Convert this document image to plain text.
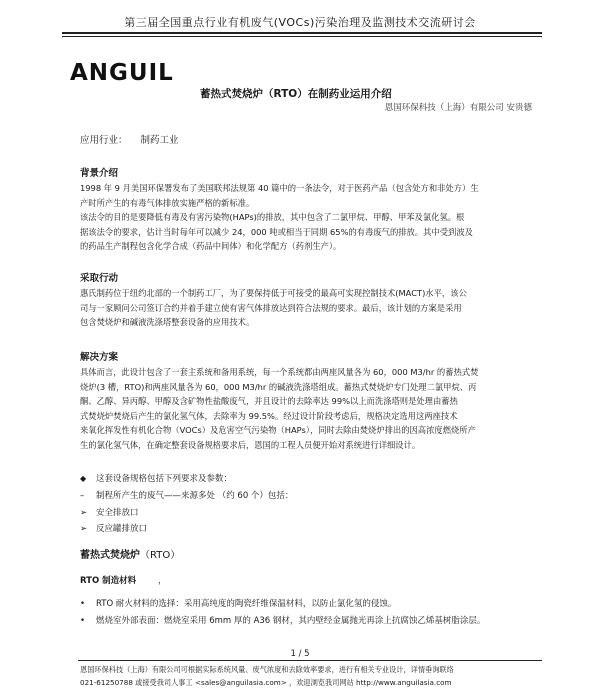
第三届全国重点行业有机废气(VOCs)污染治理及监测技术交流研讨会
ANGUIL
蓄热式焚烧炉（RTO）在制药业运用介绍
恩国环保科技（上海）有限公司 安贵德
应用行业： 制药工业
背景介绍
1998 年 9 月美国环保署发布了美国联邦法规第 40 篇中的一条法令，对于医药产品（包含处方和非处方）生
产时所产生的有毒气体排放实施严格的新标准。
该法令的目的是要降低有毒及有害污染物(HAPs)的排放，其中包含了二氯甲烷、甲醇、甲苯及氯化氢。根
据该法令的要求，估计当时每年可以减少 24，000 吨或相当于同期 65%的有毒废气的排放。其中受到波及
的药品生产制程包含化学合成（药品中间体）和化学配方（药剂生产）。
采取行动
惠氏制药位于纽约北部的一个制药工厂，为了要保持低于可接受的最高可实现控制技术(MACT)水平，该公
司与一家顾问公司签订合约并着手建立使有害气体排放达到符合法规的要求。最后，该计划的方案是采用
包含焚烧炉和碱液洗涤塔整套设备的应用技术。
解决方案
具体而言，此设计包含了一套主系统和备用系统，每一个系统都由两座风量各为 60，000 M3/hr 的蓄热式焚
烧炉(3 槽，RTO)和两座风量各为 60，000 M3/hr 的碱液洗涤塔组成。蓄热式焚烧炉专门处理二氯甲烷、丙
酮、乙醇、异丙醇、甲醇及含矿物性盐酸废气，并且设计的去除率达 99%以上而洗涤塔则是处理由蓄热
式焚烧炉焚烧后产生的氯化氢气体，去除率为 99.5%。经过设计阶段考虑后，规格决定选用这两座技术
来氧化挥发性有机化合物（VOCs）及危害空气污染物（HAPs），同时去除由焚烧炉排出的因高浓度燃烧所产
生的氯化氢气体，在确定整套设备规格要求后，恩国的工程人员便开始对系统进行详细设计。
◆ 这套设备规格包括下列要求及参数：
– 制程所产生的废气——来源多处 （约 60 个）包括：
➢ 安全排放口
➢ 反应罐排放口
蓄热式焚烧炉（RTO）
RTO 制造材料	，
• RTO 耐火材料的选择：采用高纯度的陶瓷纤维保温材料，以防止氯化氢的侵蚀。
• 燃烧室外部表面：燃烧室采用 6mm 厚的 A36 钢材，其内壁经金属抛光再涂上抗腐蚀乙烯基树脂涂层。
1 / 5
恩国环保科技（上海）有限公司可根据实际系统风量、废气浓度和去除效率要求，进行有相关专业设计，详情垂询联络
021-61250788 或接受我司人事工 <sales@anguilasia.com> ，欢迎浏览我司网站 http://www.anguilasia.com
